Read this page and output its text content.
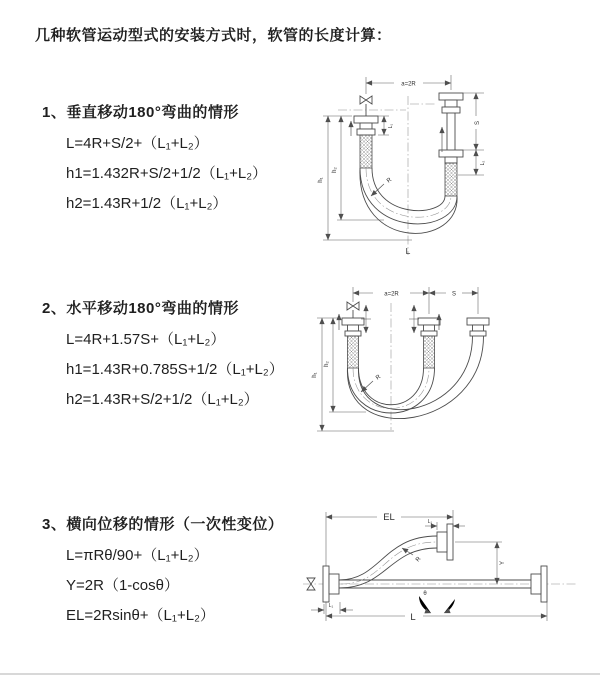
几种软管运动型式的安装方式时，软管的长度计算：
1、垂直移动180°弯曲的情形
L=4R+S/2+（L₁+L₂）
h1=1.432R+S/2+1/2（L₁+L₂）
h2=1.43R+1/2（L₁+L₂）
2、水平移动180°弯曲的情形
L=4R+1.57S+（L₁+L₂）
h1=1.43R+0.785S+1/2（L₁+L₂）
h2=1.43R+S/2+1/2（L₁+L₂）
3、横向位移的情形（一次性变位）
L=πRθ/90+（L₁+L₂）
Y=2R（1-cosθ）
EL=2Rsinθ+（L₁+L₂）
a=2R
h₁
h₂
L₁
S
L₂
R
L
a=2R	S
h₁
h₂
R
EL	L₁
Y
R
θ
L₁
L
